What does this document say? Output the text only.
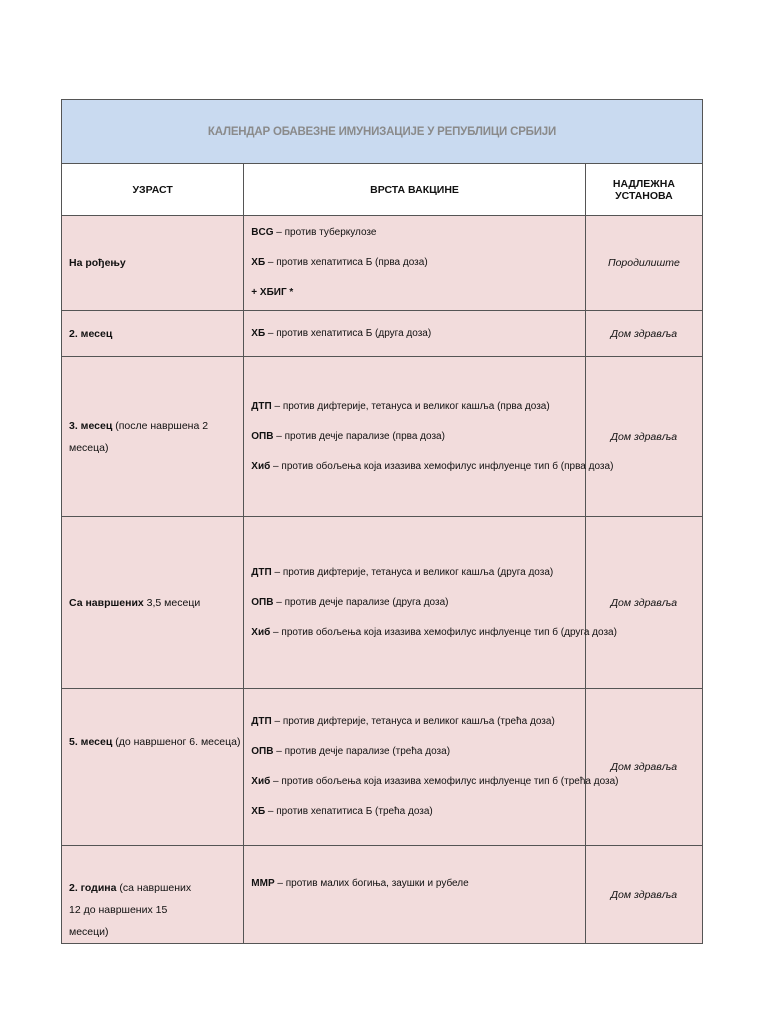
КАЛЕНДАР ОБАВЕЗНЕ ИМУНИЗАЦИЈЕ У РЕПУБЛИЦИ СРБИЈИ		
УЗРАСТ	ВРСТА ВАКЦИНЕ	НАДЛЕЖНА УСТАНОВА
На рођењу	BCG – против туберкулозе
ХБ – против хепатитиса Б (прва доза)
+ ХБИГ *	Породилиште
2. месец	ХБ – против хепатитиса Б (друга доза)	Дом здравља
3. месец (после навршена 2 месеца)	ДТП – против дифтерије, тетануса и великог кашља (прва доза)
ОПВ – против дечје парализе (прва доза)
Хиб – против обољења која изазива хемофилус инфлуенце тип б (прва доза)	Дом здравља
Са навршених 3,5 месеци	ДТП – против дифтерије, тетануса и великог кашља (друга доза)
ОПВ – против дечје парализе (друга доза)
Хиб – против обољења која изазива хемофилус инфлуенце тип б (друга доза)	Дом здравља
5. месец (до навршеног 6. месеца)	ДТП – против дифтерије, тетануса и великог кашља (трећа доза)
ОПВ – против дечје парализе (трећа доза)
Хиб – против обољења која изазива хемофилус инфлуенце тип б (трећа доза)
ХБ – против хепатитиса Б (трећа доза)	Дом здравља
2. година (са навршених 12 до навршених 15 месеци)	ММР – против малих богиња, заушки и рубеле	Дом здравља
